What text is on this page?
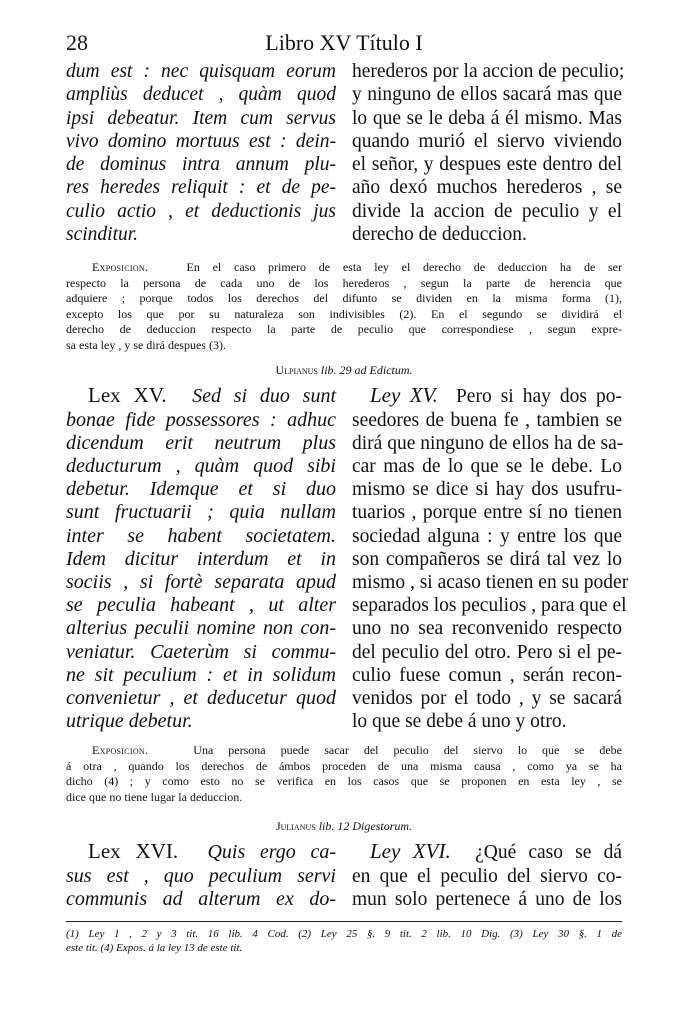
28	Libro XV Título I
dum est : nec quisquam eorum
ampliùs deducet , quàm quod
ipsi debeatur. Item cum servus
vivo domino mortuus est : dein-
de dominus intra annum plu-
res heredes reliquit : et de pe-
culio actio , et deductionis jus
scinditur.
herederos por la accion de peculio;
y ninguno de ellos sacará mas que
lo que se le deba á él mismo. Mas
quando murió el siervo viviendo
el señor, y despues este dentro del
año dexó muchos herederos , se
divide la accion de peculio y el
derecho de deduccion.
Exposicion.	En el caso primero de esta ley el derecho de deduccion ha de ser
respecto la persona de cada uno de los herederos , segun la parte de herencia que
adquiere ; porque todos los derechos del difunto se dividen en la misma forma (1),
excepto los que por su naturaleza son indivisibles (2). En el segundo se dividirá el
derecho de deduccion respecto la parte de peculio que correspondiese , segun expre-
sa esta ley , y se dirá despues (3).
Ulpianus lib. 29 ad Edictum.
Lex XV. Sed si duo sunt
bonae fide possessores : adhuc
dicendum erit neutrum plus
deducturum , quàm quod sibi
debetur. Idemque et si duo
sunt fructuarii ; quia nullam
inter se habent societatem.
Idem dicitur interdum et in
sociis , si fortè separata apud
se peculia habeant , ut alter
alterius peculii nomine non con-
veniatur. Caeterùm si commu-
ne sit peculium : et in solidum
convenietur , et deducetur quod
utrique debetur.
Ley XV. Pero si hay dos po-
seedores de buena fe , tambien se
dirá que ninguno de ellos ha de sa-
car mas de lo que se le debe. Lo
mismo se dice si hay dos usufru-
tuarios , porque entre sí no tienen
sociedad alguna : y entre los que
son compañeros se dirá tal vez lo
mismo , si acaso tienen en su poder
separados los peculios , para que el
uno no sea reconvenido respecto
del peculio del otro. Pero si el pe-
culio fuese comun , serán recon-
venidos por el todo , y se sacará
lo que se debe á uno y otro.
Exposicion.	Una persona puede sacar del peculio del siervo lo que se debe
á otra , quando los derechos de ámbos proceden de una misma causa , como ya se ha
dicho (4) ; y como esto no se verifica en los casos que se proponen en esta ley , se
dice que no tiene lugar la deduccion.
Julianus lib. 12 Digestorum.
Lex XVI. Quis ergo ca-
sus est , quo peculium servi
communis ad alterum ex do-
Ley XVI. ¿Qué caso se dá
en que el peculio del siervo co-
mun solo pertenece á uno de los
(1) Ley 1 , 2 y 3 tit. 16 lib. 4 Cod. (2) Ley 25 §. 9 tit. 2 lib. 10 Dig. (3) Ley 30 §. 1 de
este tit. (4) Expos. á la ley 13 de este tit.
